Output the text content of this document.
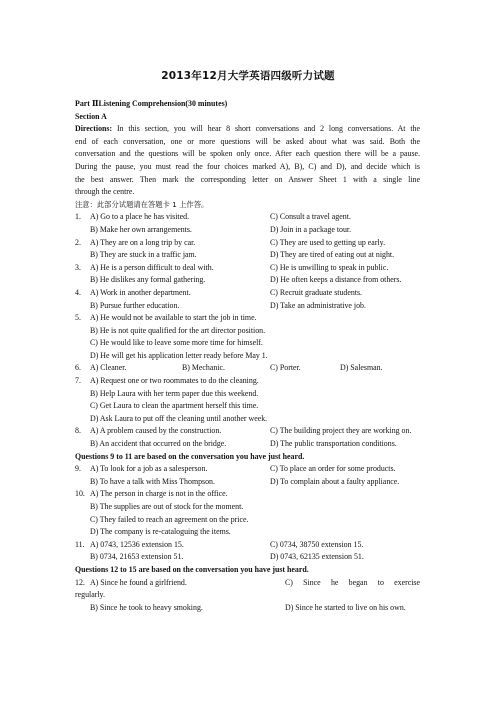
2013年12月大学英语四级听力试题
Part ⅡListening Comprehension(30 minutes)
Section A
Directions: In this section, you will hear 8 short conversations and 2 long conversations. At the
end of each conversation, one or more questions will be asked about what was said. Both the
conversation and the questions will be spoken only once. After each question there will be a pause.
During the pause, you must read the four choices marked A), B), C) and D), and decide which is
the best answer. Then mark the corresponding letter on Answer Sheet 1 with a single line
through the centre.
注意：此部分试题请在答题卡 1 上作答。
1. A) Go to a place he has visited.	C) Consult a travel agent.
B) Make her own arrangements.	D) Join in a package tour.
2. A) They are on a long trip by car.	C) They are used to getting up early.
B) They are stuck in a traffic jam.	D) They are tired of eating out at night.
3. A) He is a person difficult to deal with.	C) He is unwilling to speak in public.
B) He dislikes any formal gathering.	D) He often keeps a distance from others.
4. A) Work in another department.	C) Recruit graduate students.
B) Pursue further education.	D) Take an administrative job.
5. A) He would not be available to start the job in time.
B) He is not quite qualified for the art director position.
C) He would like to leave some more time for himself.
D) He will get his application letter ready before May 1.
6. A) Cleaner.	B) Mechanic.	C) Porter.	D) Salesman.
7. A) Request one or two roommates to do the cleaning.
B) Help Laura with her term paper due this weekend.
C) Get Laura to clean the apartment herself this time.
D) Ask Laura to put off the cleaning until another week.
8. A) A problem caused by the construction.	C) The building project they are working on.
B) An accident that occurred on the bridge.	D) The public transportation conditions.
Questions 9 to 11 are based on the conversation you have just heard.
9. A) To look for a job as a salesperson.	C) To place an order for some products.
B) To have a talk with Miss Thompson.	D) To complain about a faulty appliance.
10. A) The person in charge is not in the office.
B) The supplies are out of stock for the moment.
C) They failed to reach an agreement on the price.
D) The company is re-cataloguing the items.
11. A) 0743, 12536 extension 15.	C) 0734, 38750 extension 15.
B) 0734, 21653 extension 51.	D) 0743, 62135 extension 51.
Questions 12 to 15 are based on the conversation you have just heard.
12. A) Since he found a girlfriend.	C) Since he began to exercise
regularly.
B) Since he took to heavy smoking.	D) Since he started to live on his own.
